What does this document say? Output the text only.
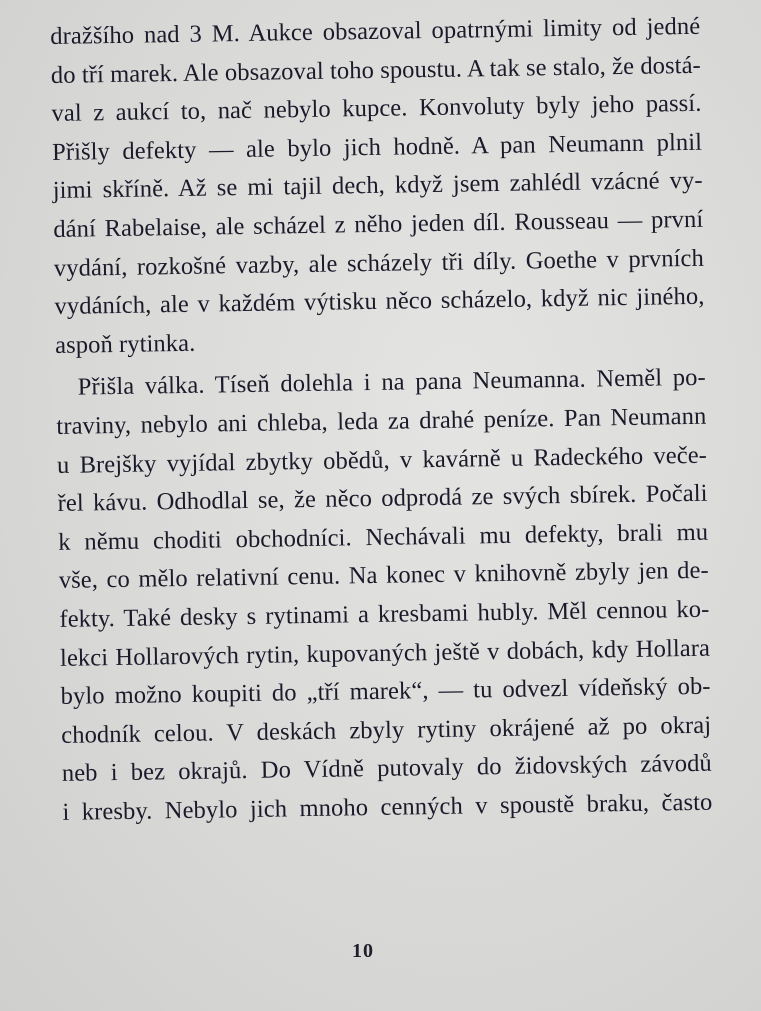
dražšího nad 3 M. Aukce obsazoval opatrnými limity od jedné
do tří marek. Ale obsazoval toho spoustu. A tak se stalo, že dostá-
val z aukcí to, nač nebylo kupce. Konvoluty byly jeho passí.
Přišly defekty — ale bylo jich hodně. A pan Neumann plnil
jimi skříně. Až se mi tajil dech, když jsem zahlédl vzácné vy-
dání Rabelaise, ale scházel z něho jeden díl. Rousseau — první
vydání, rozkošné vazby, ale scházely tři díly. Goethe v prvních
vydáních, ale v každém výtisku něco scházelo, když nic jiného,
aspoň rytinka.
Přišla válka. Tíseň dolehla i na pana Neumanna. Neměl po-
traviny, nebylo ani chleba, leda za drahé peníze. Pan Neumann
u Brejšky vyjídal zbytky obědů, v kavárně u Radeckého veče-
řel kávu. Odhodlal se, že něco odprodá ze svých sbírek. Počali
k němu choditi obchodníci. Nechávali mu defekty, brali mu
vše, co mělo relativní cenu. Na konec v knihovně zbyly jen de-
fekty. Také desky s rytinami a kresbami hubly. Měl cennou ko-
lekci Hollarových rytin, kupovaných ještě v dobách, kdy Hollara
bylo možno koupiti do „tří marek“, — tu odvezl vídeňský ob-
chodník celou. V deskách zbyly rytiny okrájené až po okraj
neb i bez okrajů. Do Vídně putovaly do židovských závodů
i kresby. Nebylo jich mnoho cenných v spoustě braku, často
10
